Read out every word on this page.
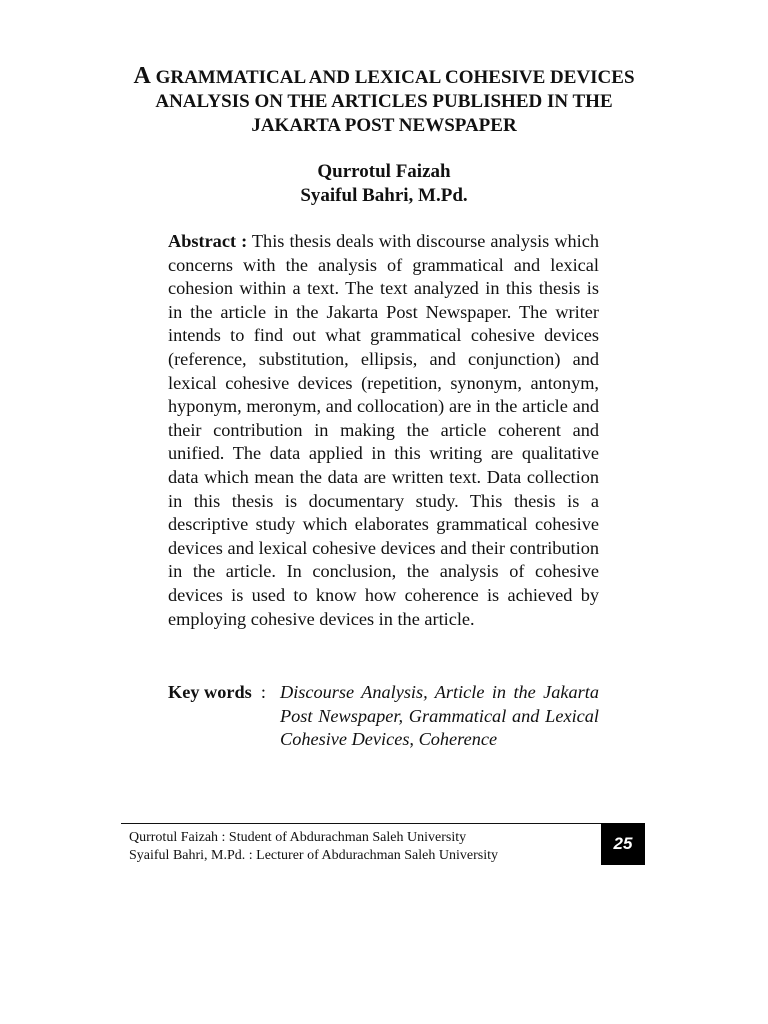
A GRAMMATICAL AND LEXICAL COHESIVE DEVICES
ANALYSIS ON THE ARTICLES PUBLISHED IN THE
JAKARTA POST NEWSPAPER
Qurrotul Faizah
Syaiful Bahri, M.Pd.

Abstract : This thesis deals with discourse analysis which concerns with the analysis of grammatical and lexical cohesion within a text. The text analyzed in this thesis is in the article in the Jakarta Post Newspaper. The writer intends to find out what grammatical cohesive devices (reference, substitution, ellipsis, and conjunction) and lexical cohesive devices (repetition, synonym, antonym, hyponym, meronym, and collocation) are in the article and their contribution in making the article coherent and unified. The data applied in this writing are qualitative data which mean the data are written text. Data collection in this thesis is documentary study. This thesis is a descriptive study which elaborates grammatical cohesive devices and lexical cohesive devices and their contribution in the article. In conclusion, the analysis of cohesive devices is used to know how coherence is achieved by employing cohesive devices in the article.

Key words : Discourse Analysis, Article in the Jakarta Post Newspaper, Grammatical and Lexical Cohesive Devices, Coherence
Qurrotul Faizah : Student of Abdurachman Saleh University
Syaiful Bahri, M.Pd. : Lecturer of Abdurachman Saleh University
25
